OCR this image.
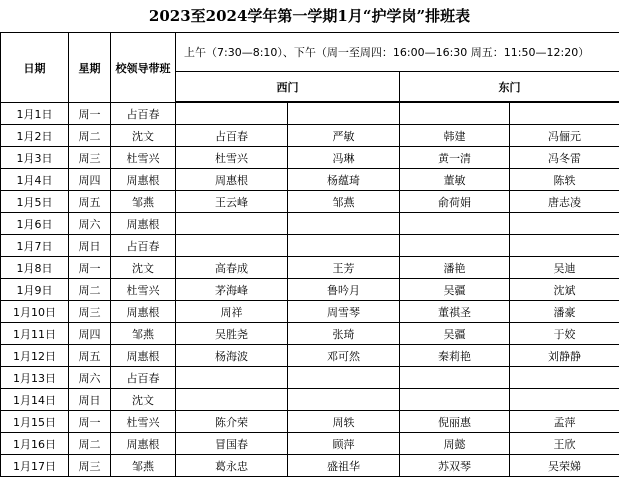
2023至2024学年第一学期1月“护学岗”排班表
日期	星期	校领导带班	上午（7:30—8:10）、下午（周一至周四：16:00—16:30 周五：11:50—12:20）			
			西门		东门	

1月1日	周一	占百春				
1月2日	周二	沈文	占百春	严敏	韩建	冯俪元
1月3日	周三	杜雪兴	杜雪兴	冯琳	黄一清	冯冬雷
1月4日	周四	周惠根	周惠根	杨蕴琦	董敏	陈轶
1月5日	周五	邹燕	王云峰	邹燕	俞荷娟	唐志凌
1月6日	周六	周惠根				
1月7日	周日	占百春				
1月8日	周一	沈文	高春成	王芳	潘艳	吴迪
1月9日	周二	杜雪兴	茅海峰	鲁吟月	吴疆	沈斌
1月10日	周三	周惠根	周祥	周雪琴	董祺圣	潘豪
1月11日	周四	邹燕	吴胜尧	张琦	吴疆	于姣
1月12日	周五	周惠根	杨海波	邓可然	秦莉艳	刘静静
1月13日	周六	占百春				
1月14日	周日	沈文				
1月15日	周一	杜雪兴	陈介荣	周轶	倪丽惠	孟萍
1月16日	周二	周惠根	冒国春	顾萍	周懿	王欣
1月17日	周三	邹燕	葛永忠	盛祖华	苏双琴	吴荣娣
